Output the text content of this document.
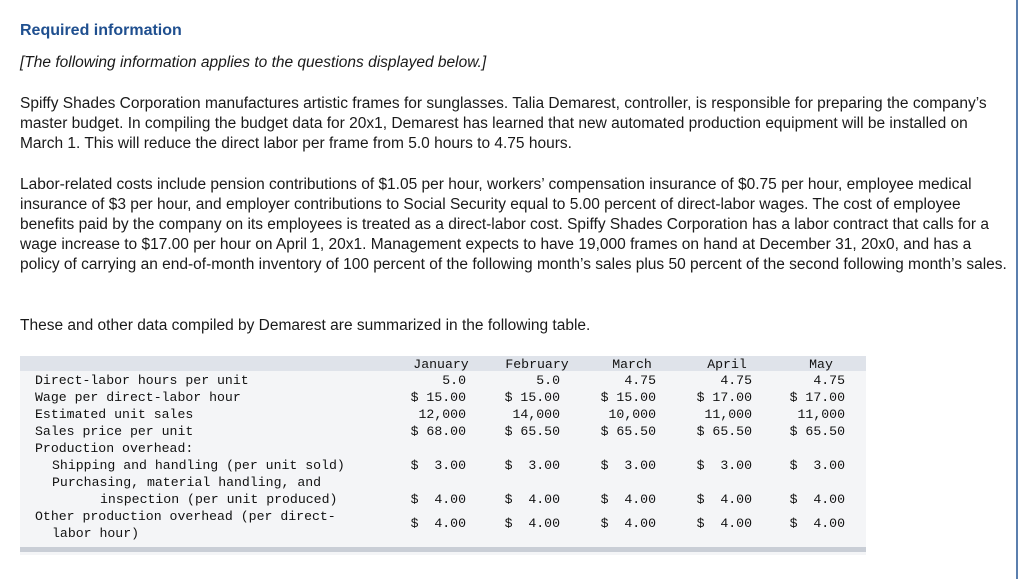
Required information
[The following information applies to the questions displayed below.]
Spiffy Shades Corporation manufactures artistic frames for sunglasses. Talia Demarest, controller, is responsible for preparing the company’s master budget. In compiling the budget data for 20x1, Demarest has learned that new automated production equipment will be installed on March 1. This will reduce the direct labor per frame from 5.0 hours to 4.75 hours.
Labor-related costs include pension contributions of $1.05 per hour, workers’ compensation insurance of $0.75 per hour, employee medical insurance of $3 per hour, and employer contributions to Social Security equal to 5.00 percent of direct-labor wages. The cost of employee benefits paid by the company on its employees is treated as a direct-labor cost. Spiffy Shades Corporation has a labor contract that calls for a wage increase to $17.00 per hour on April 1, 20x1. Management expects to have 19,000 frames on hand at December 31, 20x0, and has a policy of carrying an end-of-month inventory of 100 percent of the following month’s sales plus 50 percent of the second following month’s sales.
These and other data compiled by Demarest are summarized in the following table.
January	February	March	April	May
Direct-labor hours per unit	5.0	5.0	4.75	4.75	4.75
Wage per direct-labor hour	$ 15.00	$ 15.00	$ 15.00	$ 17.00	$ 17.00
Estimated unit sales	12,000	14,000	10,000	11,000	11,000
Sales price per unit	$ 68.00	$ 65.50	$ 65.50	$ 65.50	$ 65.50
Production overhead:
Shipping and handling (per unit sold)	$  3.00	$  3.00	$  3.00	$  3.00	$  3.00
Purchasing, material handling, and
inspection (per unit produced)	$  4.00	$  4.00	$  4.00	$  4.00	$  4.00
Other production overhead (per direct-
labor hour)
$  4.00	$  4.00	$  4.00	$  4.00	$  4.00
